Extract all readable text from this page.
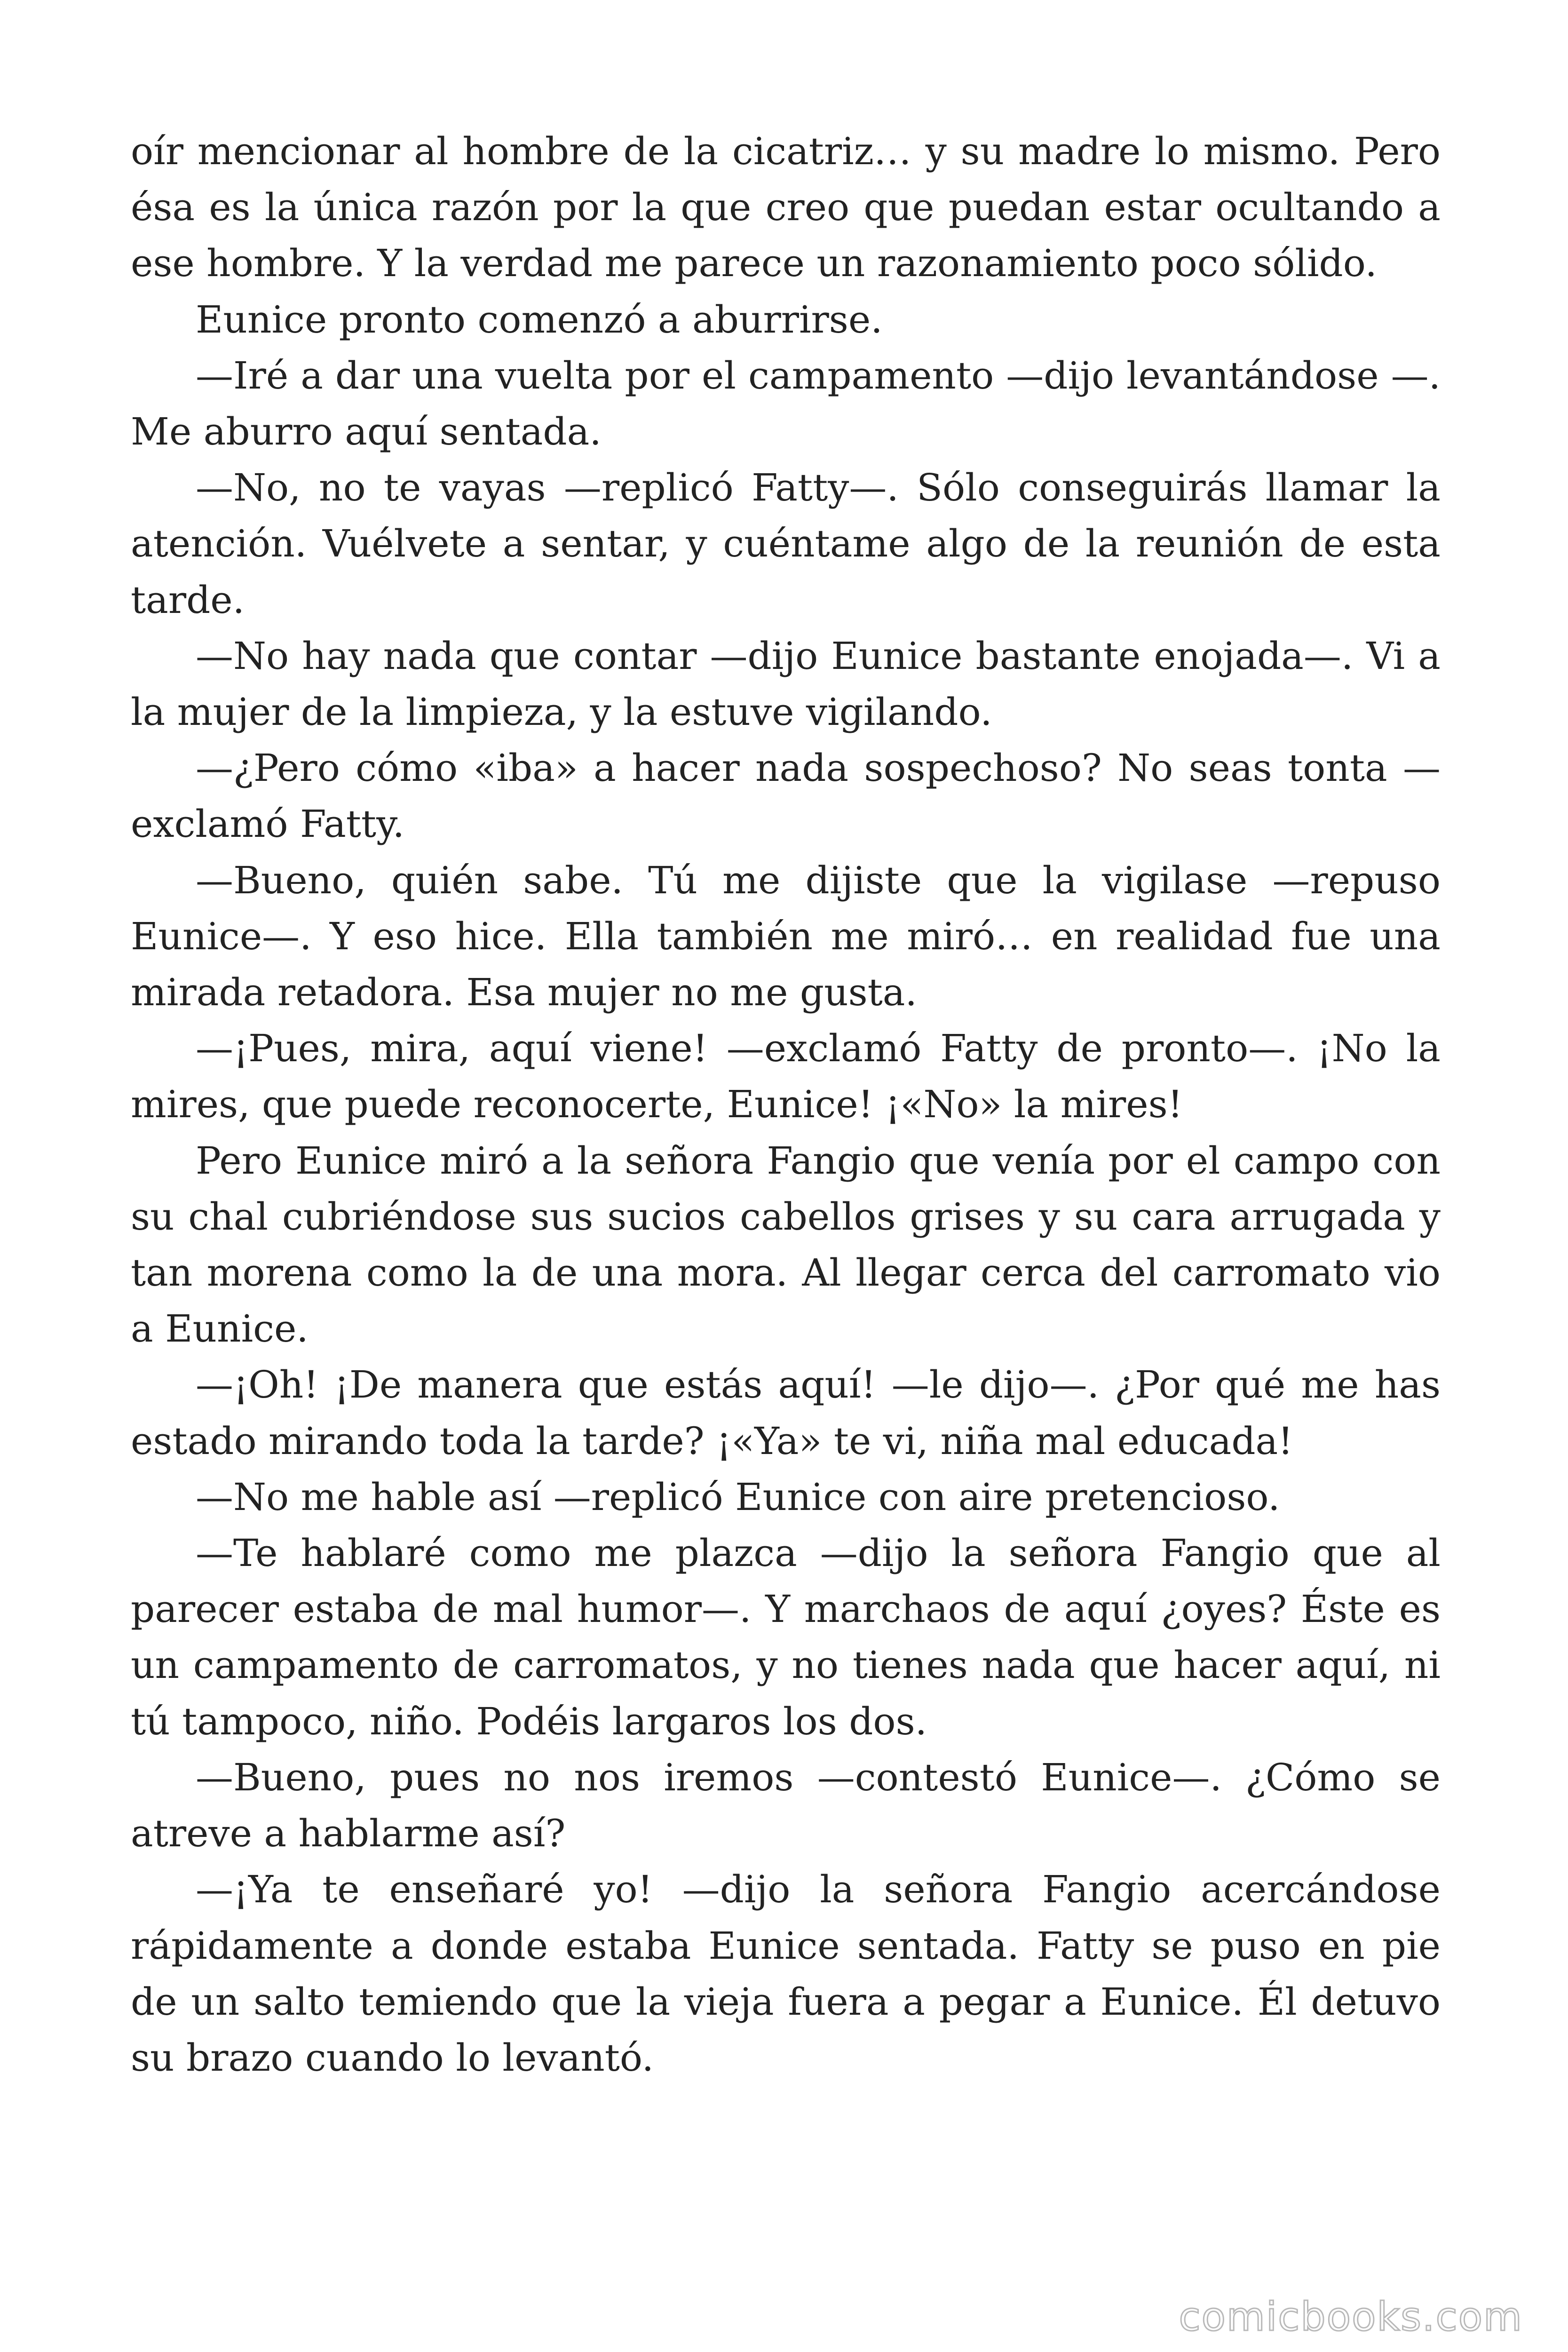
oír mencionar al hombre de la cicatriz… y su madre lo mismo. Pero ésa es la única razón por la que creo que puedan estar ocultando a ese hombre. Y la verdad me parece un razonamiento poco sólido.

Eunice pronto comenzó a aburrirse.

—Iré a dar una vuelta por el campamento —dijo levantándose —. Me aburro aquí sentada.

—No, no te vayas —replicó Fatty—. Sólo conseguirás llamar la atención. Vuélvete a sentar, y cuéntame algo de la reunión de esta tarde.

—No hay nada que contar —dijo Eunice bastante enojada—. Vi a la mujer de la limpieza, y la estuve vigilando.

—¿Pero cómo «iba» a hacer nada sospechoso? No seas tonta —exclamó Fatty.

—Bueno, quién sabe. Tú me dijiste que la vigilase —repuso Eunice—. Y eso hice. Ella también me miró… en realidad fue una mirada retadora. Esa mujer no me gusta.

—¡Pues, mira, aquí viene! —exclamó Fatty de pronto—. ¡No la mires, que puede reconocerte, Eunice! ¡«No» la mires!

Pero Eunice miró a la señora Fangio que venía por el campo con su chal cubriéndose sus sucios cabellos grises y su cara arrugada y tan morena como la de una mora. Al llegar cerca del carromato vio a Eunice.

—¡Oh! ¡De manera que estás aquí! —le dijo—. ¿Por qué me has estado mirando toda la tarde? ¡«Ya» te vi, niña mal educada!

—No me hable así —replicó Eunice con aire pretencioso.

—Te hablaré como me plazca —dijo la señora Fangio que al parecer estaba de mal humor—. Y marchaos de aquí ¿oyes? Éste es un campamento de carromatos, y no tienes nada que hacer aquí, ni tú tampoco, niño. Podéis largaros los dos.

—Bueno, pues no nos iremos —contestó Eunice—. ¿Cómo se atreve a hablarme así?

—¡Ya te enseñaré yo! —dijo la señora Fangio acercándose rápidamente a donde estaba Eunice sentada. Fatty se puso en pie de un salto temiendo que la vieja fuera a pegar a Eunice. Él detuvo su brazo cuando lo levantó.

comicbooks.com
